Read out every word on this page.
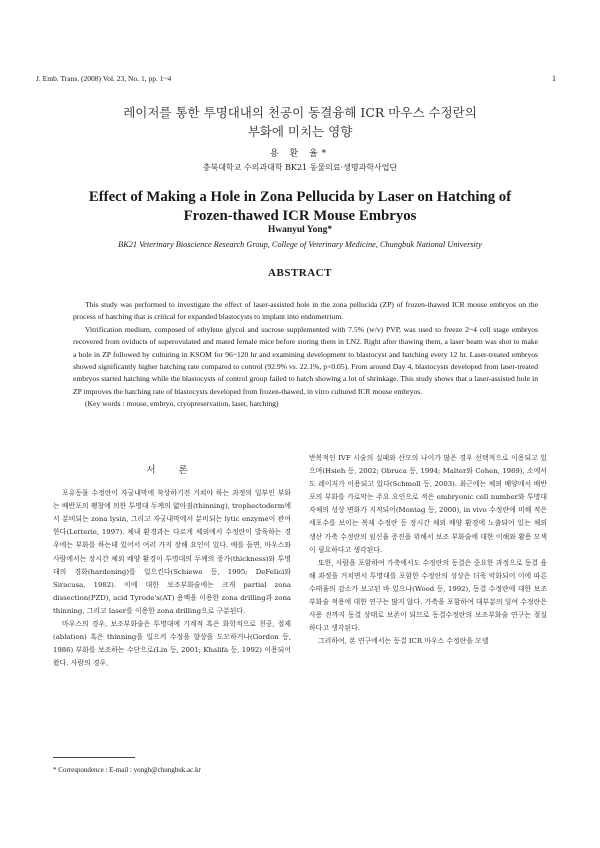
J. Emb. Trans. (2008) Vol. 23, No. 1, pp. 1~4	1
레이저를 통한 투명대내의 천공이 동결융해 ICR 마우스 수정란의
부화에 미치는 영향
용 환 율*
충북대학교 수의과대학 BK21 동물의료·생명과학사업단
Effect of Making a Hole in Zona Pellucida by Laser on Hatching of
Frozen-thawed ICR Mouse Embryos
Hwanyul Yong*
BK21 Veterinary Bioscience Research Group, College of Veterinary Medicine, Chungbuk National University
ABSTRACT

This study was performed to investigate the effect of laser-assisted hole in the zona pellucida (ZP) of frozen-thawed ICR mouse embryos on the process of hatching that is critical for expanded blastocysts to implant into endometrium.

Vitrification medium, composed of ethylene glycol and sucrose supplemented with 7.5% (w/v) PVP, was used to freeze 2~4 cell stage embryos recovered from oviducts of superovulated and mated female mice before storing them in LN2. Right after thawing them, a laser beam was shot to make a hole in ZP followed by culturing in KSOM for 96~120 hr and examining development to blastocyst and hatching every 12 hr. Laser-treated embryos showed significantly higher hatching rate compared to control (92.9% vs. 22.1%, p<0.05). From around Day 4, blastocysts developed from laser-treated embryos started hatching while the blastocysts of control group failed to hatch showing a lot of shrinkage. This study shows that a laser-assisted hole in ZP improves the hatching rate of blastocysts developed from frozen-thawed, in vitro cultured ICR mouse embryos.

(Key words : mouse, embryo, cryopreservation, laser, hatching)

서 론

포유동물 수정란이 자궁내막에 착상하기전 거쳐야 하는 과정의 일부인 부화는 배반포의 팽창에 의한 투명대 두께의 얇아짐(thinning), trophectoderm에서 분비되는 zona lysin, 그리고 자궁내막에서 분비되는 lytic enzyme이 관여한다(Letterie, 1997). 체내 환경과는 다르게 체외에서 수정란이 발육하는 경우에는 부화를 하는데 있어서 여러 가지 장해 요인이 있다. 예를 들면, 마우스와 사람에서는 장시간 체외 배양 환경이 투명대의 두께의 증가(thickness)와 투명대의 경화(hardening)를 일으킨다(Schiewe 등, 1995; DeFelici와 Siracusa, 1982). 이에 대한 보조부화술에는 크게 partial zona dissection(PZD), acid Tyrode's(AT) 용액을 이용한 zona drilling과 zona thinning, 그리고 laser를 이용한 zona drilling으로 구분된다.

마우스의 경우, 보조부화술은 투명대에 기계적 혹은 화학적으로 천공, 절제(ablation) 혹은 thinning을 일으켜 수정을 향상을 도모하거나(Gordon 등, 1986) 부화를 보조하는 수단으로(Lin 등, 2001; Khalifa 등, 1992) 이용되어 왔다. 사람의 경우,

반복적인 IVF 시술의 실패와 산모의 나이가 많은 경우 선택적으로 이용되고 있으며(Hsieh 등, 2002; Obruca 등, 1994; Malter와 Cohen, 1989), 소에서도 레이저가 이용되고 있다(Schmoll 등, 2003). 최근에는 체외 배양에서 배반포의 부화를 가로막는 주요 요인으로 적은 embryonic cell number와 투명대 자체의 성상 변화가 지적되어(Montag 등, 2000), in vivo 수정란에 비해 적은 세포수를 보이는 복제 수정란 등 장시간 체외 배양 환경에 노출되어 있는 체외 생산 가축 수정란의 임신율 증진을 위해서 보조 부화술에 대한 이해와 활용 모색이 필요하다고 생각된다.

또한, 사람을 포함하여 가축에서도 수정란의 동결은 중요한 과정으로 동결 융해 과정을 거치면서 투명대를 포함한 수정란의 성상은 더욱 악화되어 이에 따른 수태율의 감소가 보고된 바 있으나(Wood 등, 1992), 동결 수정란에 대한 보조부화술 적용에 대한 연구는 많지 않다. 가축을 포함하여 대부분의 잉여 수정란은 사용 전까지 동결 상태로 보존이 되므로 동결수정란의 보조부화술 연구는 절실하다고 생각된다.

그리하여, 본 연구에서는 동결 ICR 마우스 수정란을 모델

* Correspondence : E-mail : yongh@chungbuk.ac.kr
